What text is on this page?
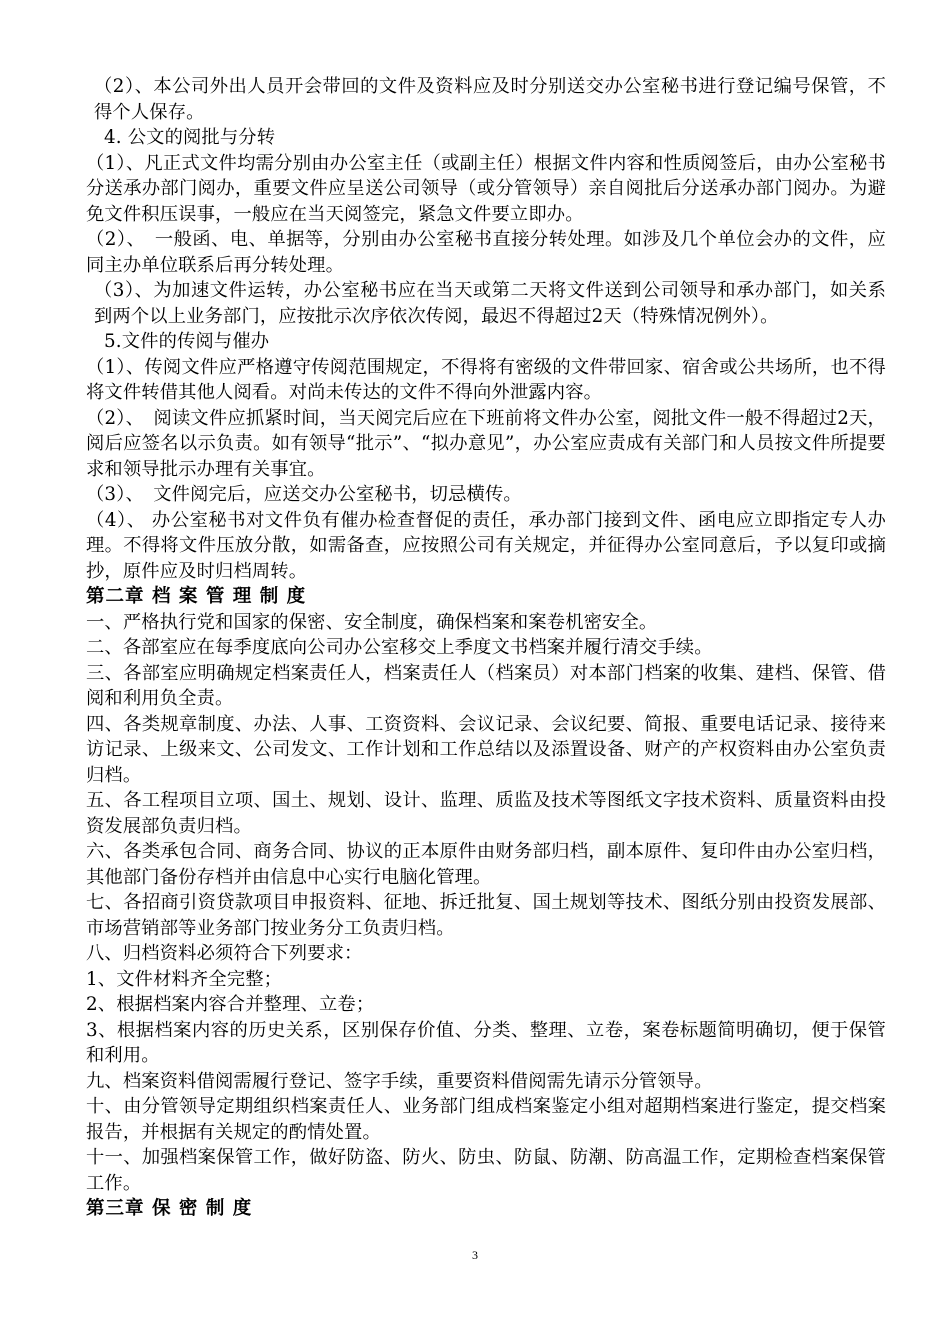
（2）、本公司外出人员开会带回的文件及资料应及时分别送交办公室秘书进行登记编号保管，不得个人保存。
4. 公文的阅批与分转
（1）、凡正式文件均需分别由办公室主任（或副主任）根据文件内容和性质阅签后，由办公室秘书分送承办部门阅办，重要文件应呈送公司领导（或分管领导）亲自阅批后分送承办部门阅办。为避免文件积压误事，一般应在当天阅签完，紧急文件要立即办。
（2）、　一般函、电、单据等，分别由办公室秘书直接分转处理。如涉及几个单位会办的文件，应同主办单位联系后再分转处理。
（3）、为加速文件运转，办公室秘书应在当天或第二天将文件送到公司领导和承办部门，如关系到两个以上业务部门，应按批示次序依次传阅，最迟不得超过2天（特殊情况例外）。
5.文件的传阅与催办
（1）、传阅文件应严格遵守传阅范围规定，不得将有密级的文件带回家、宿舍或公共场所，也不得将文件转借其他人阅看。对尚未传达的文件不得向外泄露内容。
（2）、　阅读文件应抓紧时间，当天阅完后应在下班前将文件办公室，阅批文件一般不得超过2天，阅后应签名以示负责。如有领导“批示”、“拟办意见”，办公室应责成有关部门和人员按文件所提要求和领导批示办理有关事宜。
（3）、　文件阅完后，应送交办公室秘书，切忌横传。
（4）、 办公室秘书对文件负有催办检查督促的责任，承办部门接到文件、函电应立即指定专人办理。不得将文件压放分散，如需备查，应按照公司有关规定，并征得办公室同意后，予以复印或摘抄，原件应及时归档周转。
第二章 档 案 管 理 制 度
一、严格执行党和国家的保密、安全制度，确保档案和案卷机密安全。
二、各部室应在每季度底向公司办公室移交上季度文书档案并履行清交手续。
三、各部室应明确规定档案责任人，档案责任人（档案员）对本部门档案的收集、建档、保管、借阅和利用负全责。
四、各类规章制度、办法、人事、工资资料、会议记录、会议纪要、简报、重要电话记录、接待来访记录、上级来文、公司发文、工作计划和工作总结以及添置设备、财产的产权资料由办公室负责归档。
五、各工程项目立项、国土、规划、设计、监理、质监及技术等图纸文字技术资料、质量资料由投资发展部负责归档。
六、各类承包合同、商务合同、协议的正本原件由财务部归档，副本原件、复印件由办公室归档，其他部门备份存档并由信息中心实行电脑化管理。
七、各招商引资贷款项目申报资料、征地、拆迁批复、国土规划等技术、图纸分别由投资发展部、市场营销部等业务部门按业务分工负责归档。
八、归档资料必须符合下列要求：
1、文件材料齐全完整；
2、根据档案内容合并整理、立卷；
3、根据档案内容的历史关系，区别保存价值、分类、整理、立卷，案卷标题简明确切，便于保管和利用。
九、档案资料借阅需履行登记、签字手续，重要资料借阅需先请示分管领导。
十、由分管领导定期组织档案责任人、业务部门组成档案鉴定小组对超期档案进行鉴定，提交档案报告，并根据有关规定的酌情处置。
十一、加强档案保管工作，做好防盗、防火、防虫、防鼠、防潮、防高温工作，定期检查档案保管工作。
第三章 保 密 制 度
3
